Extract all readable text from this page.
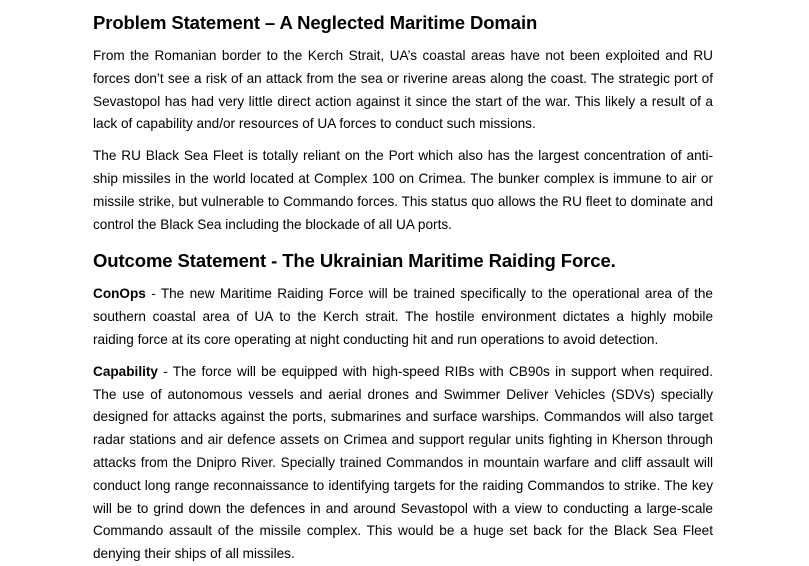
Problem Statement – A Neglected Maritime Domain

From the Romanian border to the Kerch Strait, UA’s coastal areas have not been exploited and RU forces don’t see a risk of an attack from the sea or riverine areas along the coast. The strategic port of Sevastopol has had very little direct action against it since the start of the war. This likely a result of a lack of capability and/or resources of UA forces to conduct such missions.

The RU Black Sea Fleet is totally reliant on the Port which also has the largest concentration of anti-ship missiles in the world located at Complex 100 on Crimea. The bunker complex is immune to air or missile strike, but vulnerable to Commando forces. This status quo allows the RU fleet to dominate and control the Black Sea including the blockade of all UA ports.

Outcome Statement - The Ukrainian Maritime Raiding Force.

ConOps - The new Maritime Raiding Force will be trained specifically to the operational area of the southern coastal area of UA to the Kerch strait. The hostile environment dictates a highly mobile raiding force at its core operating at night conducting hit and run operations to avoid detection.

Capability - The force will be equipped with high-speed RIBs with CB90s in support when required. The use of autonomous vessels and aerial drones and Swimmer Deliver Vehicles (SDVs) specially designed for attacks against the ports, submarines and surface warships. Commandos will also target radar stations and air defence assets on Crimea and support regular units fighting in Kherson through attacks from the Dnipro River. Specially trained Commandos in mountain warfare and cliff assault will conduct long range reconnaissance to identifying targets for the raiding Commandos to strike. The key will be to grind down the defences in and around Sevastopol with a view to conducting a large-scale Commando assault of the missile complex. This would be a huge set back for the Black Sea Fleet denying their ships of all missiles.
